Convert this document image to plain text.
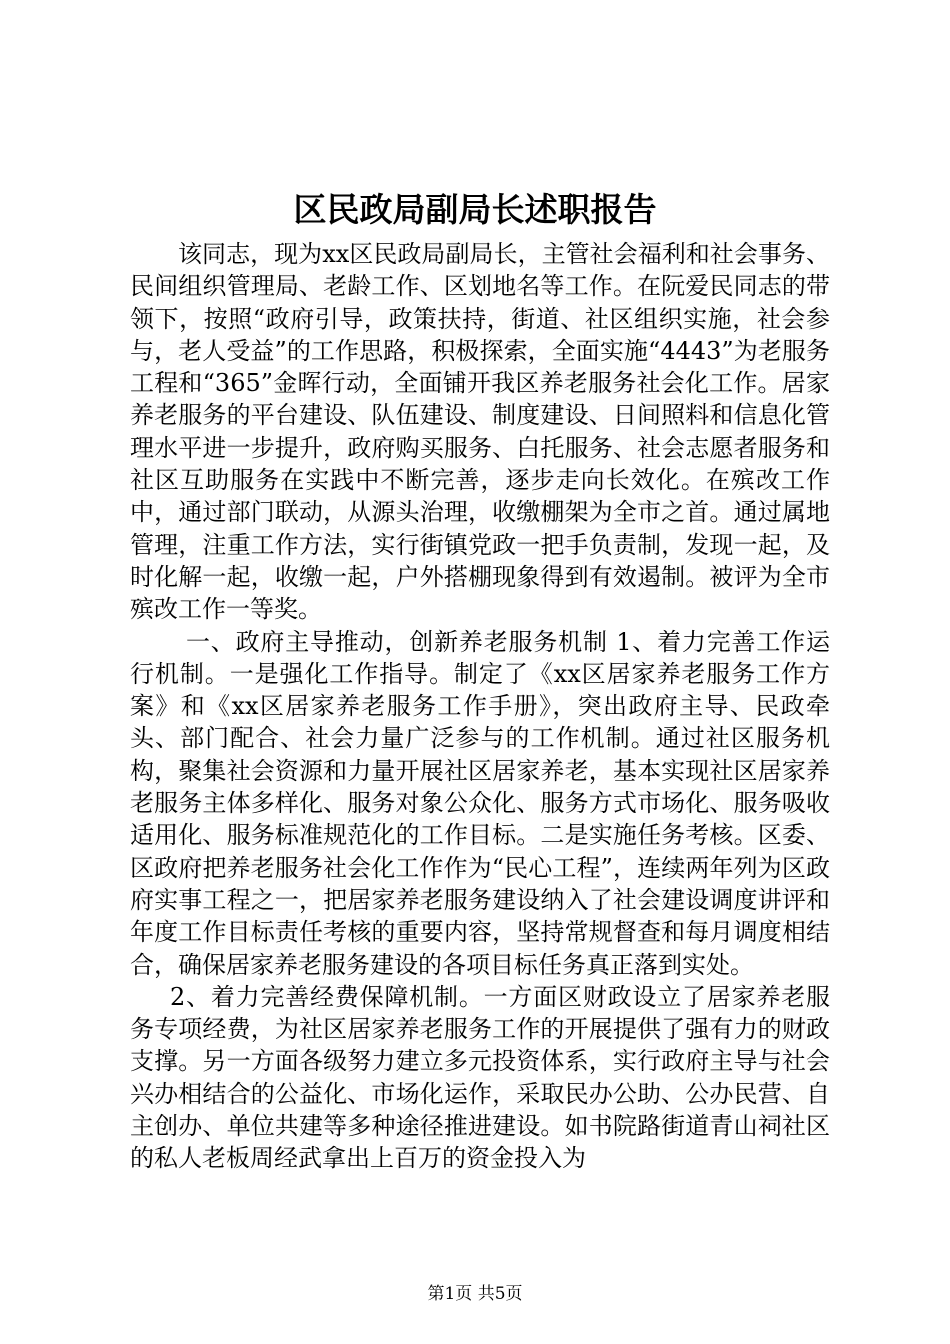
区民政局副局长述职报告

该同志，现为xx区民政局副局长，主管社会福利和社会事务、民间组织管理局、老龄工作、区划地名等工作。在阮爱民同志的带领下，按照“政府引导，政策扶持，街道、社区组织实施，社会参与，老人受益”的工作思路，积极探索，全面实施“4443”为老服务工程和“365”金晖行动，全面铺开我区养老服务社会化工作。居家养老服务的平台建设、队伍建设、制度建设、日间照料和信息化管理水平进一步提升，政府购买服务、白托服务、社会志愿者服务和社区互助服务在实践中不断完善，逐步走向长效化。在殡改工作中，通过部门联动，从源头治理，收缴棚架为全市之首。通过属地管理，注重工作方法，实行街镇党政一把手负责制，发现一起，及时化解一起，收缴一起，户外搭棚现象得到有效遏制。被评为全市殡改工作一等奖。

一、政府主导推动，创新养老服务机制 1、着力完善工作运行机制。一是强化工作指导。制定了《xx区居家养老服务工作方案》和《xx区居家养老服务工作手册》，突出政府主导、民政牵头、部门配合、社会力量广泛参与的工作机制。通过社区服务机构，聚集社会资源和力量开展社区居家养老，基本实现社区居家养老服务主体多样化、服务对象公众化、服务方式市场化、服务吸收适用化、服务标准规范化的工作目标。二是实施任务考核。区委、区政府把养老服务社会化工作作为“民心工程”，连续两年列为区政府实事工程之一，把居家养老服务建设纳入了社会建设调度讲评和年度工作目标责任考核的重要内容，坚持常规督查和每月调度相结合，确保居家养老服务建设的各项目标任务真正落到实处。

2、着力完善经费保障机制。一方面区财政设立了居家养老服务专项经费，为社区居家养老服务工作的开展提供了强有力的财政支撑。另一方面各级努力建立多元投资体系，实行政府主导与社会兴办相结合的公益化、市场化运作，采取民办公助、公办民营、自主创办、单位共建等多种途径推进建设。如书院路街道青山祠社区的私人老板周经武拿出上百万的资金投入为

第1页 共5页
